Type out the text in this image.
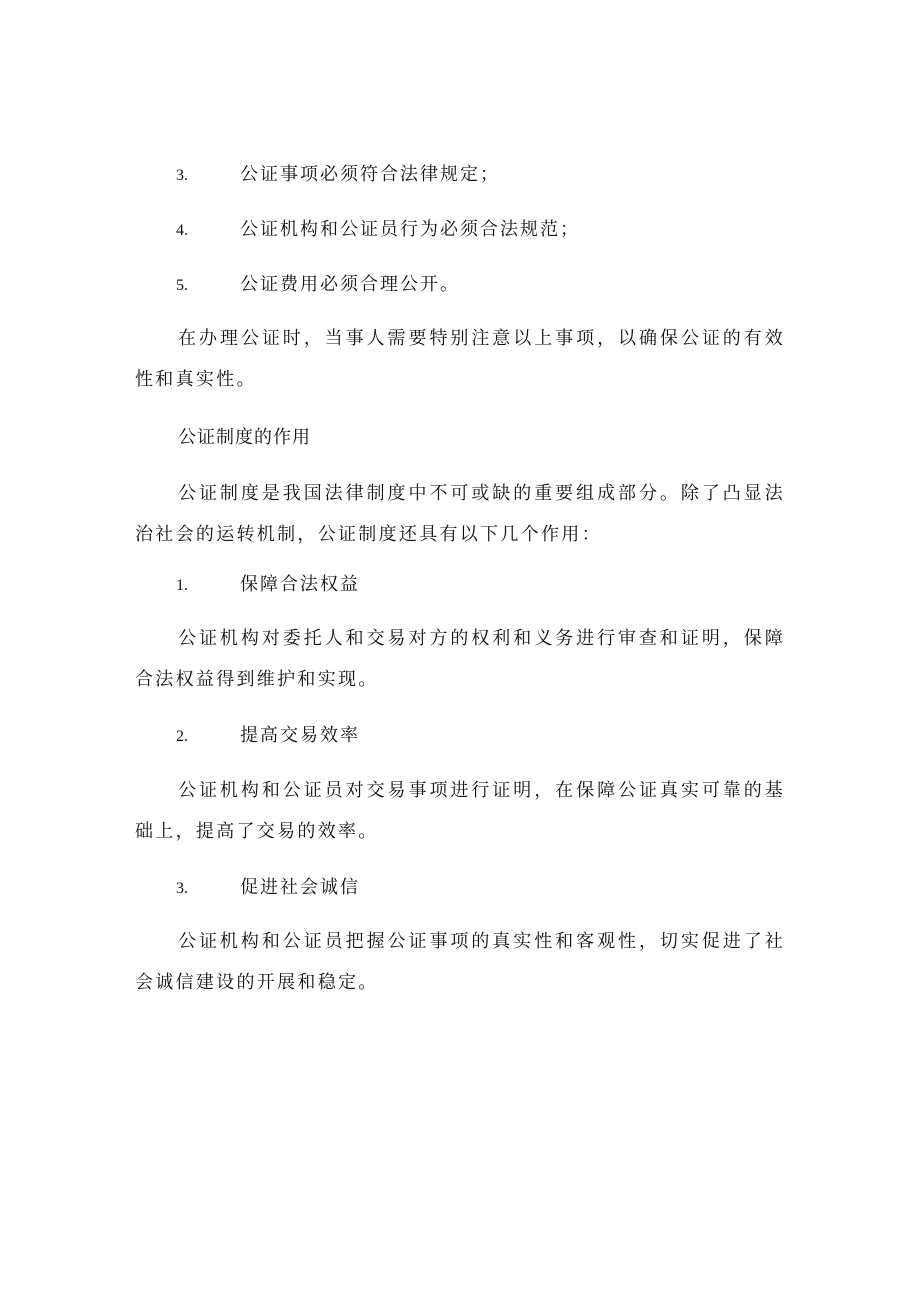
3.	公证事项必须符合法律规定；
4.	公证机构和公证员行为必须合法规范；
5.	公证费用必须合理公开。

在办理公证时，当事人需要特别注意以上事项，以确保公证的有效性和真实性。

公证制度的作用

公证制度是我国法律制度中不可或缺的重要组成部分。除了凸显法治社会的运转机制，公证制度还具有以下几个作用：

1.	保障合法权益

公证机构对委托人和交易对方的权利和义务进行审查和证明，保障合法权益得到维护和实现。

2.	提高交易效率

公证机构和公证员对交易事项进行证明，在保障公证真实可靠的基础上，提高了交易的效率。

3.	促进社会诚信

公证机构和公证员把握公证事项的真实性和客观性，切实促进了社会诚信建设的开展和稳定。
